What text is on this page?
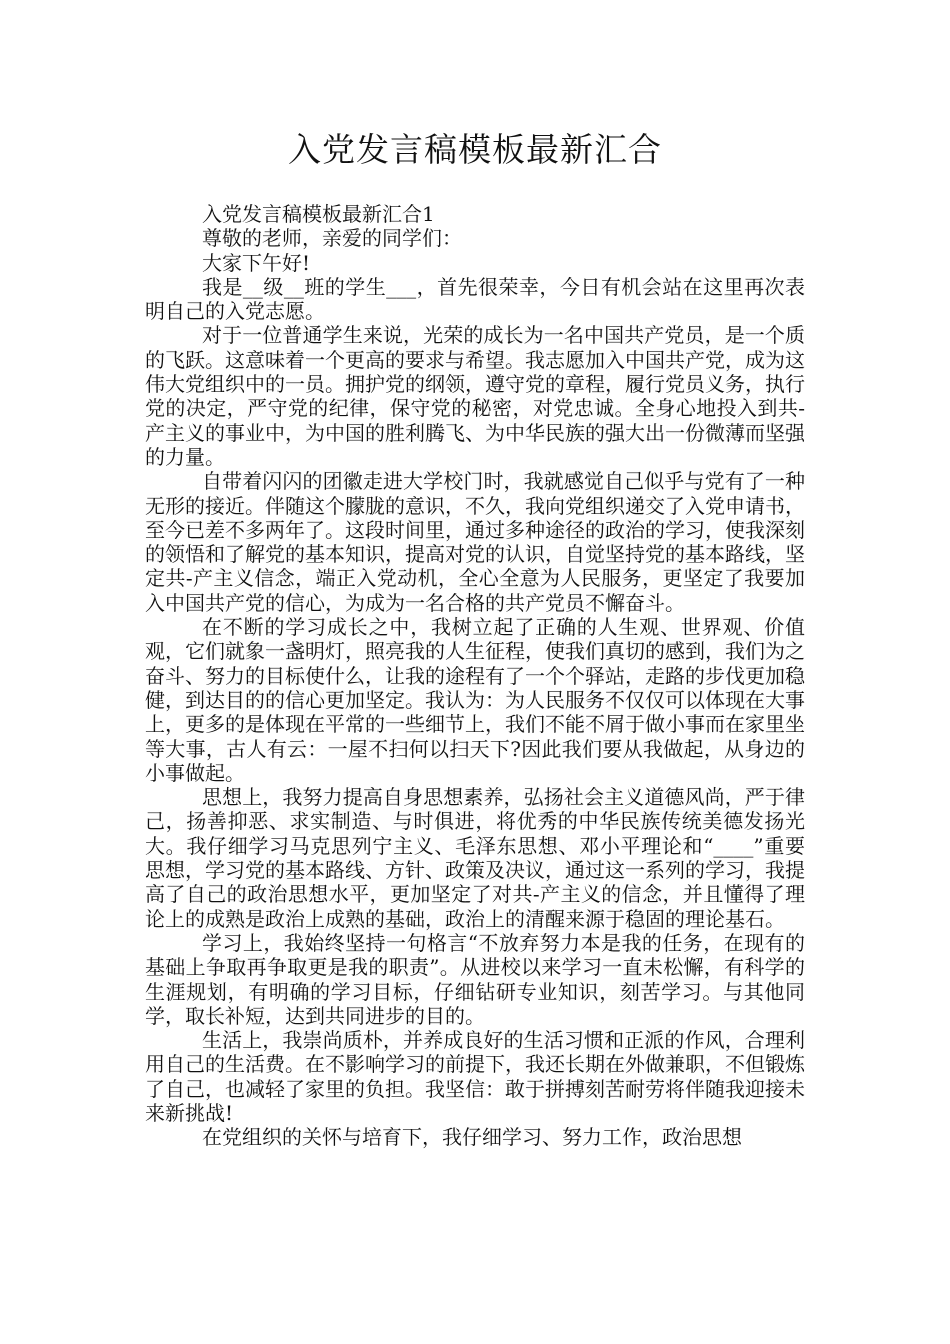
入党发言稿模板最新汇合

入党发言稿模板最新汇合1

尊敬的老师，亲爱的同学们：

大家下午好!

我是__级__班的学生___，首先很荣幸，今日有机会站在这里再次表明自己的入党志愿。

对于一位普通学生来说，光荣的成长为一名中国共产党员，是一个质的飞跃。这意味着一个更高的要求与希望。我志愿加入中国共产党，成为这伟大党组织中的一员。拥护党的纲领，遵守党的章程，履行党员义务，执行党的决定，严守党的纪律，保守党的秘密，对党忠诚。全身心地投入到共-产主义的事业中，为中国的胜利腾飞、为中华民族的强大出一份微薄而坚强的力量。

自带着闪闪的团徽走进大学校门时，我就感觉自己似乎与党有了一种无形的接近。伴随这个朦胧的意识，不久，我向党组织递交了入党申请书，至今已差不多两年了。这段时间里，通过多种途径的政治的学习，使我深刻的领悟和了解党的基本知识，提高对党的认识，自觉坚持党的基本路线，坚定共-产主义信念，端正入党动机，全心全意为人民服务，更坚定了我要加入中国共产党的信心，为成为一名合格的共产党员不懈奋斗。

在不断的学习成长之中，我树立起了正确的人生观、世界观、价值观，它们就象一盏明灯，照亮我的人生征程，使我们真切的感到，我们为之奋斗、努力的目标使什么，让我的途程有了一个个驿站，走路的步伐更加稳健，到达目的的信心更加坚定。我认为：为人民服务不仅仅可以体现在大事上，更多的是体现在平常的一些细节上，我们不能不屑于做小事而在家里坐等大事，古人有云：一屋不扫何以扫天下?因此我们要从我做起，从身边的小事做起。

思想上，我努力提高自身思想素养，弘扬社会主义道德风尚，严于律己，扬善抑恶、求实制造、与时俱进，将优秀的中华民族传统美德发扬光大。我仔细学习马克思列宁主义、毛泽东思想、邓小平理论和“____”重要思想，学习党的基本路线、方针、政策及决议，通过这一系列的学习，我提高了自己的政治思想水平，更加坚定了对共-产主义的信念，并且懂得了理论上的成熟是政治上成熟的基础，政治上的清醒来源于稳固的理论基石。

学习上，我始终坚持一句格言“不放弃努力本是我的任务，在现有的基础上争取再争取更是我的职责”。从进校以来学习一直未松懈，有科学的生涯规划，有明确的学习目标，仔细钻研专业知识，刻苦学习。与其他同学，取长补短，达到共同进步的目的。

生活上，我崇尚质朴，并养成良好的生活习惯和正派的作风，合理利用自己的生活费。在不影响学习的前提下，我还长期在外做兼职，不但锻炼了自己，也减轻了家里的负担。我坚信：敢于拼搏刻苦耐劳将伴随我迎接未来新挑战!

在党组织的关怀与培育下，我仔细学习、努力工作，政治思想
